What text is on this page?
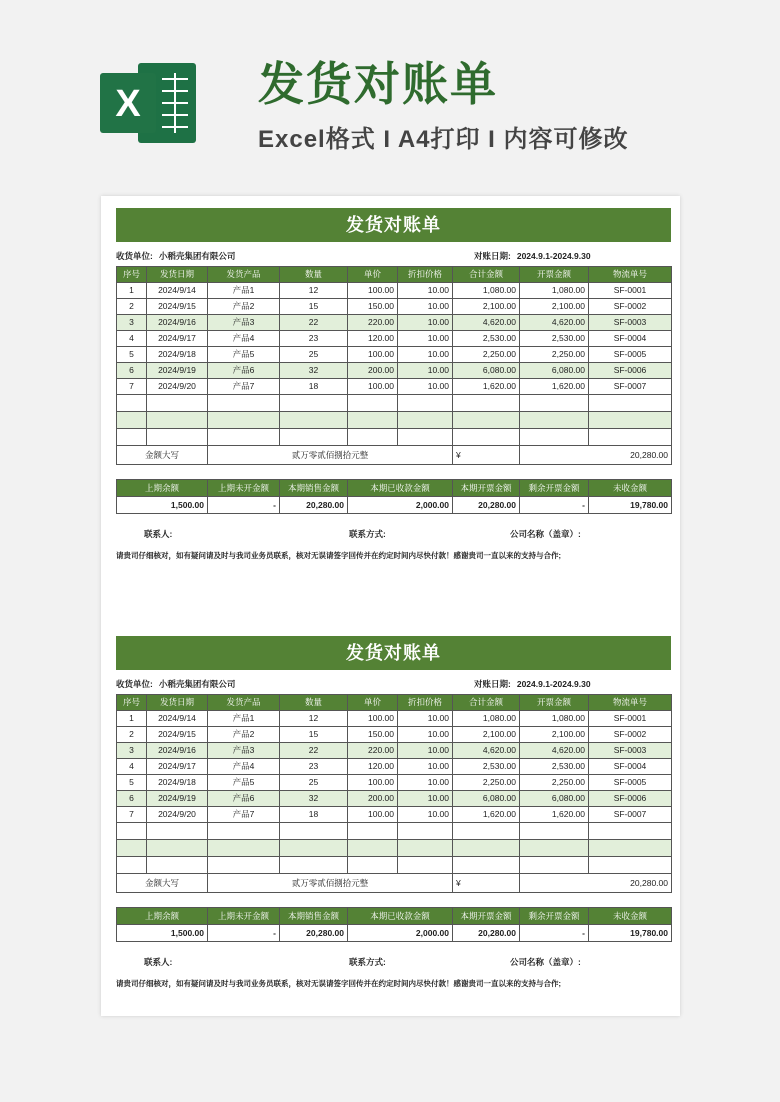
X	发货对账单
Excel格式 I A4打印 I 内容可修改
发货对账单
收货单位: 小稻壳集团有限公司	对账日期: 2024.9.1-2024.9.30
序号	发货日期	发货产品	数量	单价	折扣价格	合计金额	开票金额	物流单号
1	2024/9/14	产品1	12	100.00	10.00	1,080.00	1,080.00	SF-0001
2	2024/9/15	产品2	15	150.00	10.00	2,100.00	2,100.00	SF-0002
3	2024/9/16	产品3	22	220.00	10.00	4,620.00	4,620.00	SF-0003
4	2024/9/17	产品4	23	120.00	10.00	2,530.00	2,530.00	SF-0004
5	2024/9/18	产品5	25	100.00	10.00	2,250.00	2,250.00	SF-0005
6	2024/9/19	产品6	32	200.00	10.00	6,080.00	6,080.00	SF-0006
7	2024/9/20	产品7	18	100.00	10.00	1,620.00	1,620.00	SF-0007

金额大写		贰万零贰佰捌拾元整				¥	20,280.00	
上期余额	上期未开金额	本期销售金额	本期已收款金额	本期开票金额	剩余开票金额	未收金额
1,500.00	-	20,280.00	2,000.00	20,280.00	-	19,780.00
联系人:	联系方式:	公司名称（盖章）:
请贵司仔细核对，如有疑问请及时与我司业务员联系，核对无误请签字回传并在约定时间内尽快付款！感谢贵司一直以来的支持与合作;
发货对账单
收货单位: 小稻壳集团有限公司	对账日期: 2024.9.1-2024.9.30
序号	发货日期	发货产品	数量	单价	折扣价格	合计金额	开票金额	物流单号
1	2024/9/14	产品1	12	100.00	10.00	1,080.00	1,080.00	SF-0001
2	2024/9/15	产品2	15	150.00	10.00	2,100.00	2,100.00	SF-0002
3	2024/9/16	产品3	22	220.00	10.00	4,620.00	4,620.00	SF-0003
4	2024/9/17	产品4	23	120.00	10.00	2,530.00	2,530.00	SF-0004
5	2024/9/18	产品5	25	100.00	10.00	2,250.00	2,250.00	SF-0005
6	2024/9/19	产品6	32	200.00	10.00	6,080.00	6,080.00	SF-0006
7	2024/9/20	产品7	18	100.00	10.00	1,620.00	1,620.00	SF-0007

金额大写		贰万零贰佰捌拾元整				¥	20,280.00	
上期余额	上期未开金额	本期销售金额	本期已收款金额	本期开票金额	剩余开票金额	未收金额
1,500.00	-	20,280.00	2,000.00	20,280.00	-	19,780.00
联系人:	联系方式:	公司名称（盖章）:
请贵司仔细核对，如有疑问请及时与我司业务员联系，核对无误请签字回传并在约定时间内尽快付款！感谢贵司一直以来的支持与合作;
